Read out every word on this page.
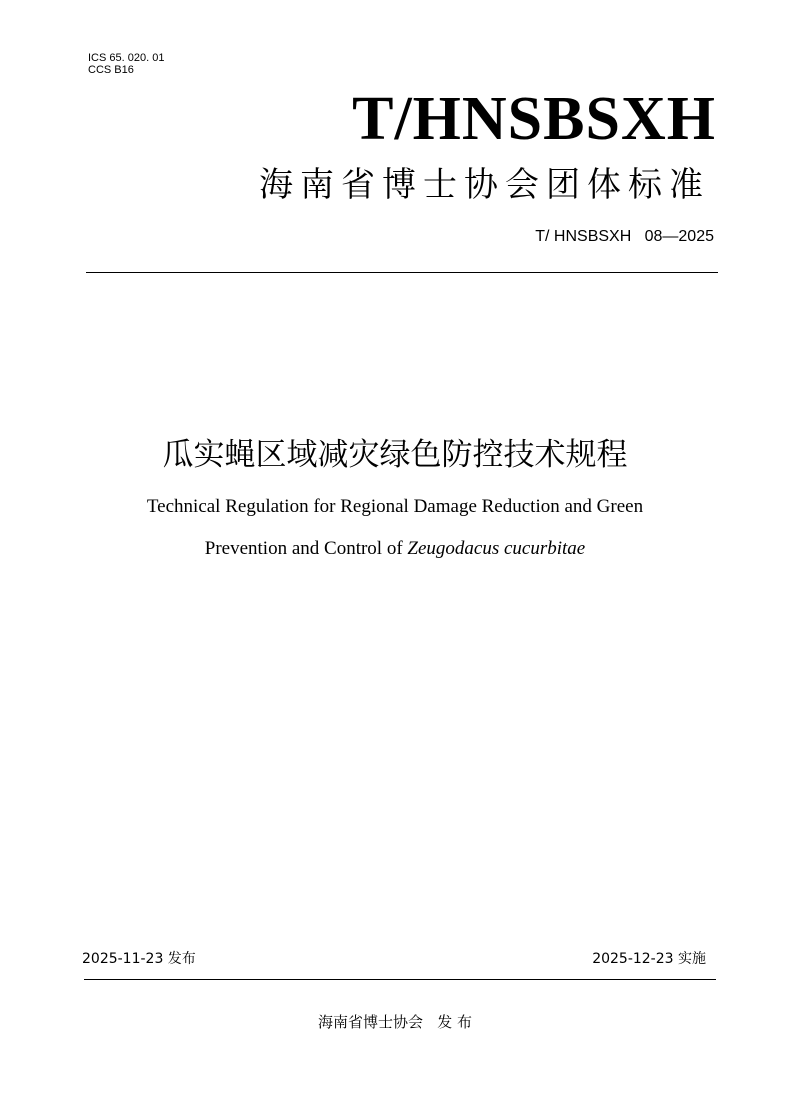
ICS 65. 020. 01
CCS B16
T/HNSBSXH
海南省博士协会团体标准
T/ HNSBSXH   08—2025
瓜实蝇区域减灾绿色防控技术规程
Technical Regulation for Regional Damage Reduction and Green
Prevention and Control of Zeugodacus cucurbitae
2025-11-23 发布	2025-12-23 实施
海南省博士协会   发 布
